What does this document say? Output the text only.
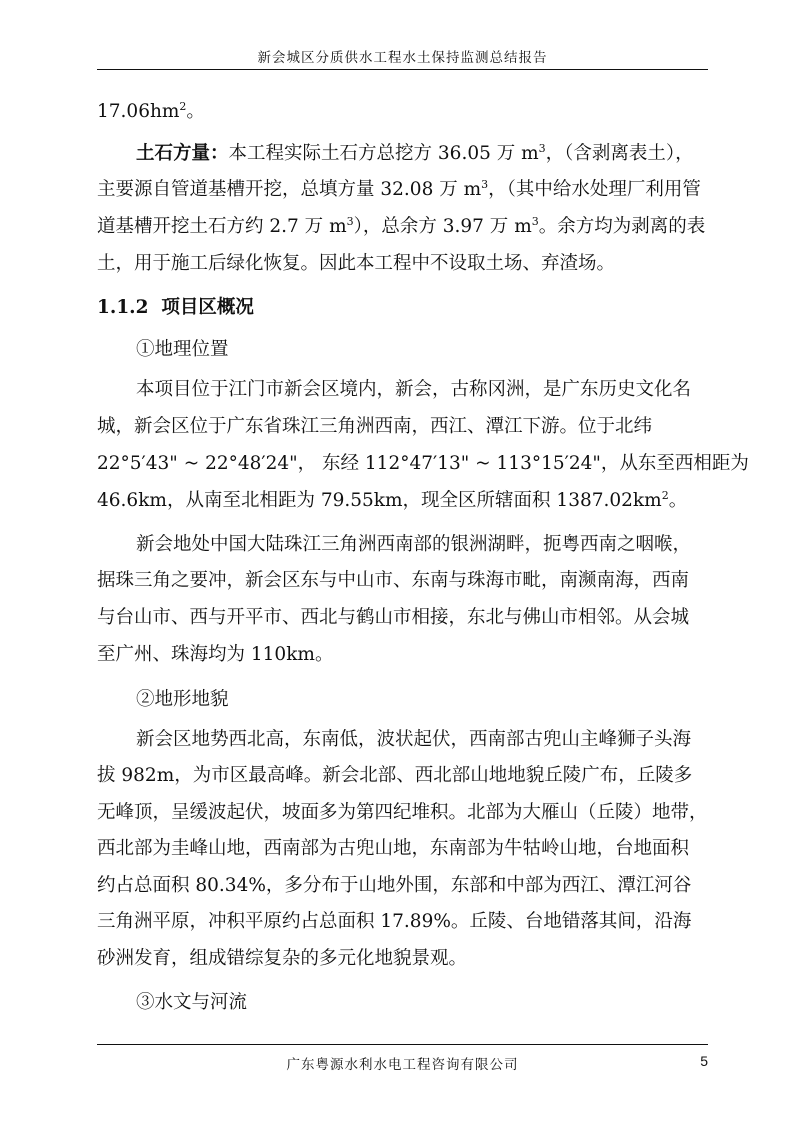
新会城区分质供水工程水土保持监测总结报告
$17.06hm^2$。
土石方量：本工程实际土石方总挖方 36.05 万 $m^3$，（含剥离表土），
主要源自管道基槽开挖，总填方量 32.08 万 $m^3$，（其中给水处理厂利用管
道基槽开挖土石方约 2.7 万 $m^3$），总余方 3.97 万 $m^3$。余方均为剥离的表
土，用于施工后绿化恢复。因此本工程中不设取土场、弃渣场。
1.1.2 项目区概况
①地理位置
本项目位于江门市新会区境内，新会，古称冈洲，是广东历史文化名
城，新会区位于广东省珠江三角洲西南，西江、潭江下游。位于北纬
22°5′43" ~ 22°48′24"， 东经 112°47′13" ~ 113°15′24"，从东至西相距为
46.6km，从南至北相距为 79.55km，现全区所辖面积 $1387.02km^2$。
新会地处中国大陆珠江三角洲西南部的银洲湖畔，扼粤西南之咽喉，
据珠三角之要冲，新会区东与中山市、东南与珠海市毗，南濒南海，西南
与台山市、西与开平市、西北与鹤山市相接，东北与佛山市相邻。从会城
至广州、珠海均为 110km。
②地形地貌
新会区地势西北高，东南低，波状起伏，西南部古兜山主峰狮子头海
拔 982m，为市区最高峰。新会北部、西北部山地地貌丘陵广布，丘陵多
无峰顶，呈缓波起伏，坡面多为第四纪堆积。北部为大雁山（丘陵）地带，
西北部为圭峰山地，西南部为古兜山地，东南部为牛牯岭山地，台地面积
约占总面积 80.34%，多分布于山地外围，东部和中部为西江、潭江河谷
三角洲平原，冲积平原约占总面积 17.89%。丘陵、台地错落其间，沿海
砂洲发育，组成错综复杂的多元化地貌景观。
③水文与河流
广东粤源水利水电工程咨询有限公司	5
